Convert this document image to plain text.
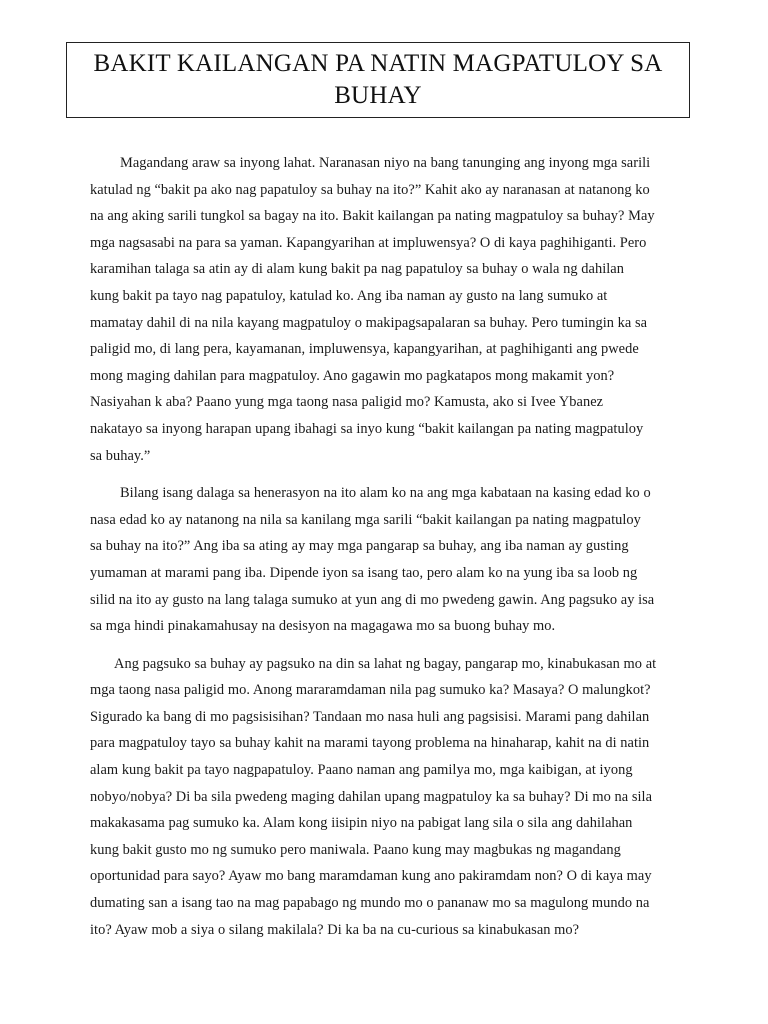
BAKIT KAILANGAN PA NATIN MAGPATULOY SA
BUHAY
Magandang araw sa inyong lahat. Naranasan niyo na bang tanunging ang inyong mga sarili
katulad ng “bakit pa ako nag papatuloy sa buhay na ito?” Kahit ako ay naranasan at natanong ko
na ang aking sarili tungkol sa bagay na ito. Bakit kailangan pa nating magpatuloy sa buhay? May
mga nagsasabi na para sa yaman. Kapangyarihan at impluwensya? O di kaya paghihiganti. Pero
karamihan talaga sa atin ay di alam kung bakit pa nag papatuloy sa buhay o wala ng dahilan
kung bakit pa tayo nag papatuloy, katulad ko. Ang iba naman ay gusto na lang sumuko at
mamatay dahil di na nila kayang magpatuloy o makipagsapalaran sa buhay. Pero tumingin ka sa
paligid mo, di lang pera, kayamanan, impluwensya, kapangyarihan, at paghihiganti ang pwede
mong maging dahilan para magpatuloy. Ano gagawin mo pagkatapos mong makamit yon?
Nasiyahan k aba? Paano yung mga taong nasa paligid mo? Kamusta, ako si Ivee Ybanez
nakatayo sa inyong harapan upang ibahagi sa inyo kung “bakit kailangan pa nating magpatuloy
sa buhay.”
Bilang isang dalaga sa henerasyon na ito alam ko na ang mga kabataan na kasing edad ko o
nasa edad ko ay natanong na nila sa kanilang mga sarili “bakit kailangan pa nating magpatuloy
sa buhay na ito?” Ang iba sa ating ay may mga pangarap sa buhay, ang iba naman ay gusting
yumaman at marami pang iba. Dipende iyon sa isang tao, pero alam ko na yung iba sa loob ng
silid na ito ay gusto na lang talaga sumuko at yun ang di mo pwedeng gawin. Ang pagsuko ay isa
sa mga hindi pinakamahusay na desisyon na magagawa mo sa buong buhay mo.
Ang pagsuko sa buhay ay pagsuko na din sa lahat ng bagay, pangarap mo, kinabukasan mo at
mga taong nasa paligid mo. Anong mararamdaman nila pag sumuko ka? Masaya? O malungkot?
Sigurado ka bang di mo pagsisisihan? Tandaan mo nasa huli ang pagsisisi. Marami pang dahilan
para magpatuloy tayo sa buhay kahit na marami tayong problema na hinaharap, kahit na di natin
alam kung bakit pa tayo nagpapatuloy. Paano naman ang pamilya mo, mga kaibigan, at iyong
nobyo/nobya? Di ba sila pwedeng maging dahilan upang magpatuloy ka sa buhay? Di mo na sila
makakasama pag sumuko ka. Alam kong iisipin niyo na pabigat lang sila o sila ang dahilahan
kung bakit gusto mo ng sumuko pero maniwala. Paano kung may magbukas ng magandang
oportunidad para sayo? Ayaw mo bang maramdaman kung ano pakiramdam non? O di kaya may
dumating san a isang tao na mag papabago ng mundo mo o pananaw mo sa magulong mundo na
ito? Ayaw mob a siya o silang makilala? Di ka ba na cu-curious sa kinabukasan mo?
